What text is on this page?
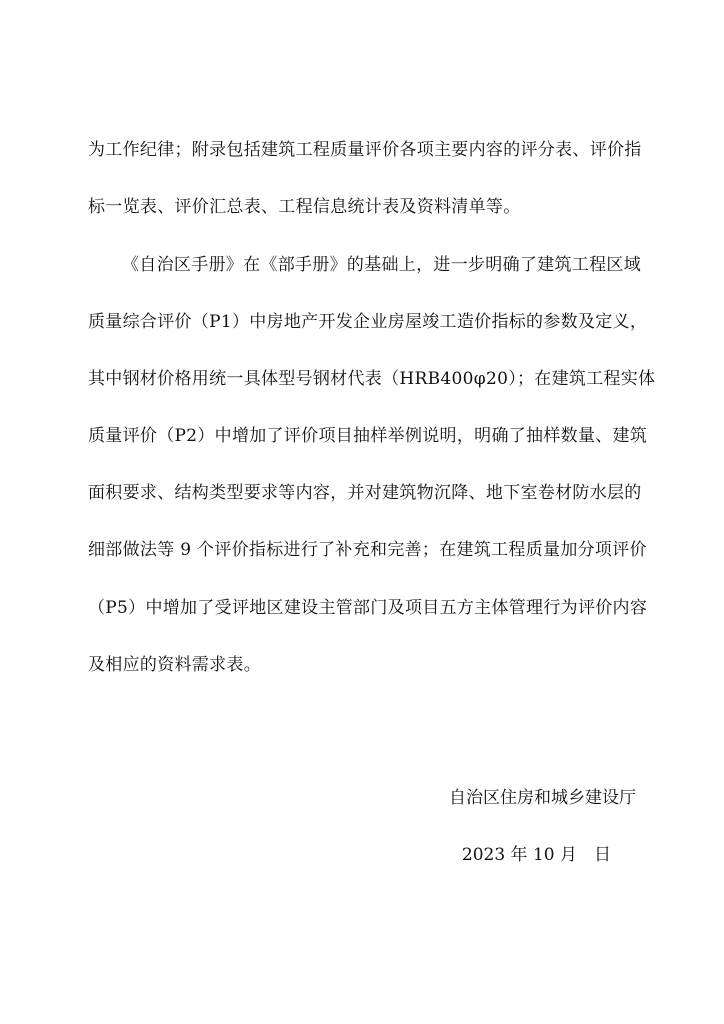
为工作纪律；附录包括建筑工程质量评价各项主要内容的评分表、评价指
标一览表、评价汇总表、工程信息统计表及资料清单等。
《自治区手册》在《部手册》的基础上，进一步明确了建筑工程区域
质量综合评价（P1）中房地产开发企业房屋竣工造价指标的参数及定义，
其中钢材价格用统一具体型号钢材代表（HRB400φ20）；在建筑工程实体
质量评价（P2）中增加了评价项目抽样举例说明，明确了抽样数量、建筑
面积要求、结构类型要求等内容，并对建筑物沉降、地下室卷材防水层的
细部做法等 9 个评价指标进行了补充和完善；在建筑工程质量加分项评价
（P5）中增加了受评地区建设主管部门及项目五方主体管理行为评价内容
及相应的资料需求表。
自治区住房和城乡建设厅
2023 年 10 月　日
